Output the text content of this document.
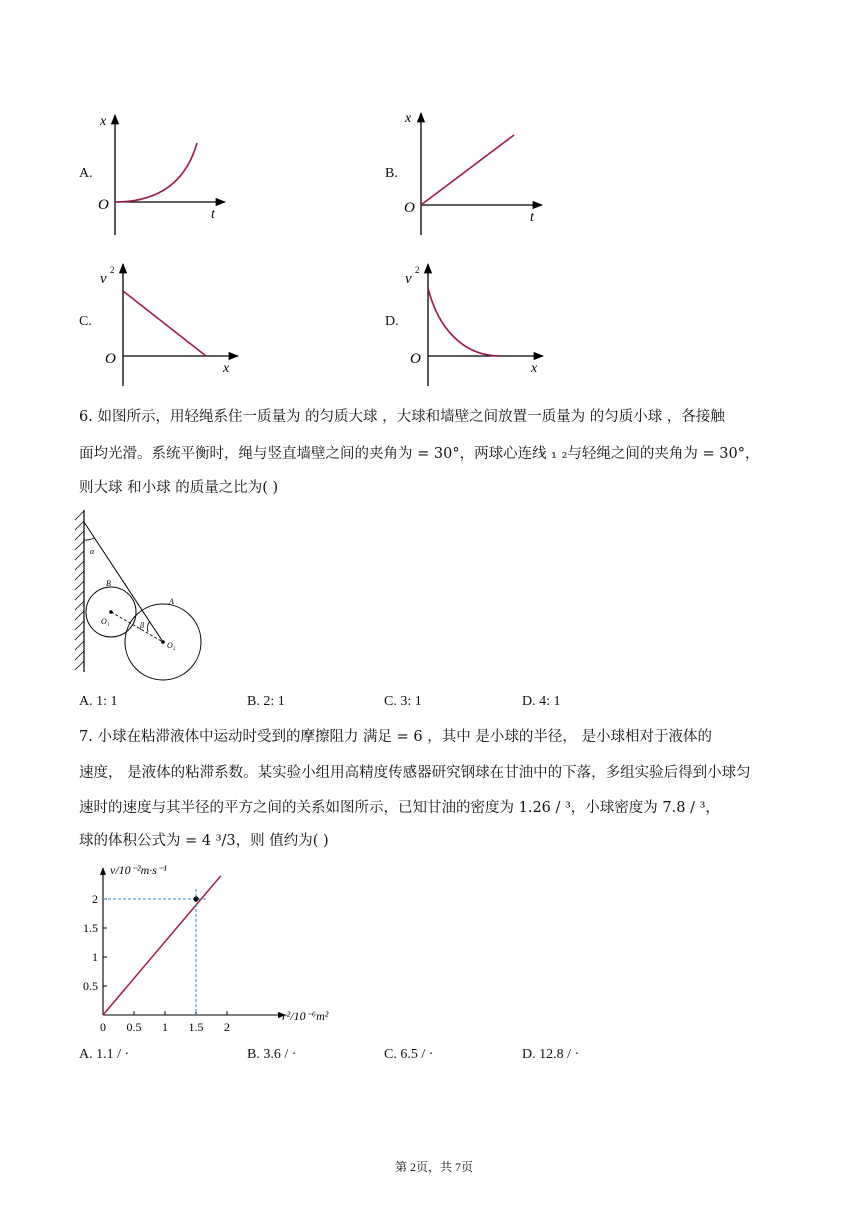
A.
x
O
t
B.
x
O
t
C.
v
2
O
x
D.
v
2
O
x
6. 如图所示，用轻绳系住一质量为 的匀质大球 ，大球和墙壁之间放置一质量为 的匀质小球 ，各接触
面均光滑。系统平衡时，绳与竖直墙壁之间的夹角为 = 30°，两球心连线 ₁ ₂与轻绳之间的夹角为 = 30°，
则大球 和小球 的质量之比为( )
α
β
B
A
O 1
O 2
A. 1: 1	B. 2: 1	C. 3: 1	D. 4: 1
7. 小球在粘滞液体中运动时受到的摩擦阻力 满足 = 6 ，其中 是小球的半径， 是小球相对于液体的
速度， 是液体的粘滞系数。某实验小组用高精度传感器研究钢球在甘油中的下落，多组实验后得到小球匀
速时的速度与其半径的平方之间的关系如图所示，已知甘油的密度为 1.26 / ³，小球密度为 7.8 / ³，
球的体积公式为 = 4 ³/3，则 值约为( )
0 0.5 1 1.5 2
0.5
1
1.5
2
v/10⁻²m·s⁻¹
r²/10⁻⁶m²
A. 1.1 / ·	B. 3.6 / ·	C. 6.5 / ·	D. 12.8 / ·
第 2页，共 7页
